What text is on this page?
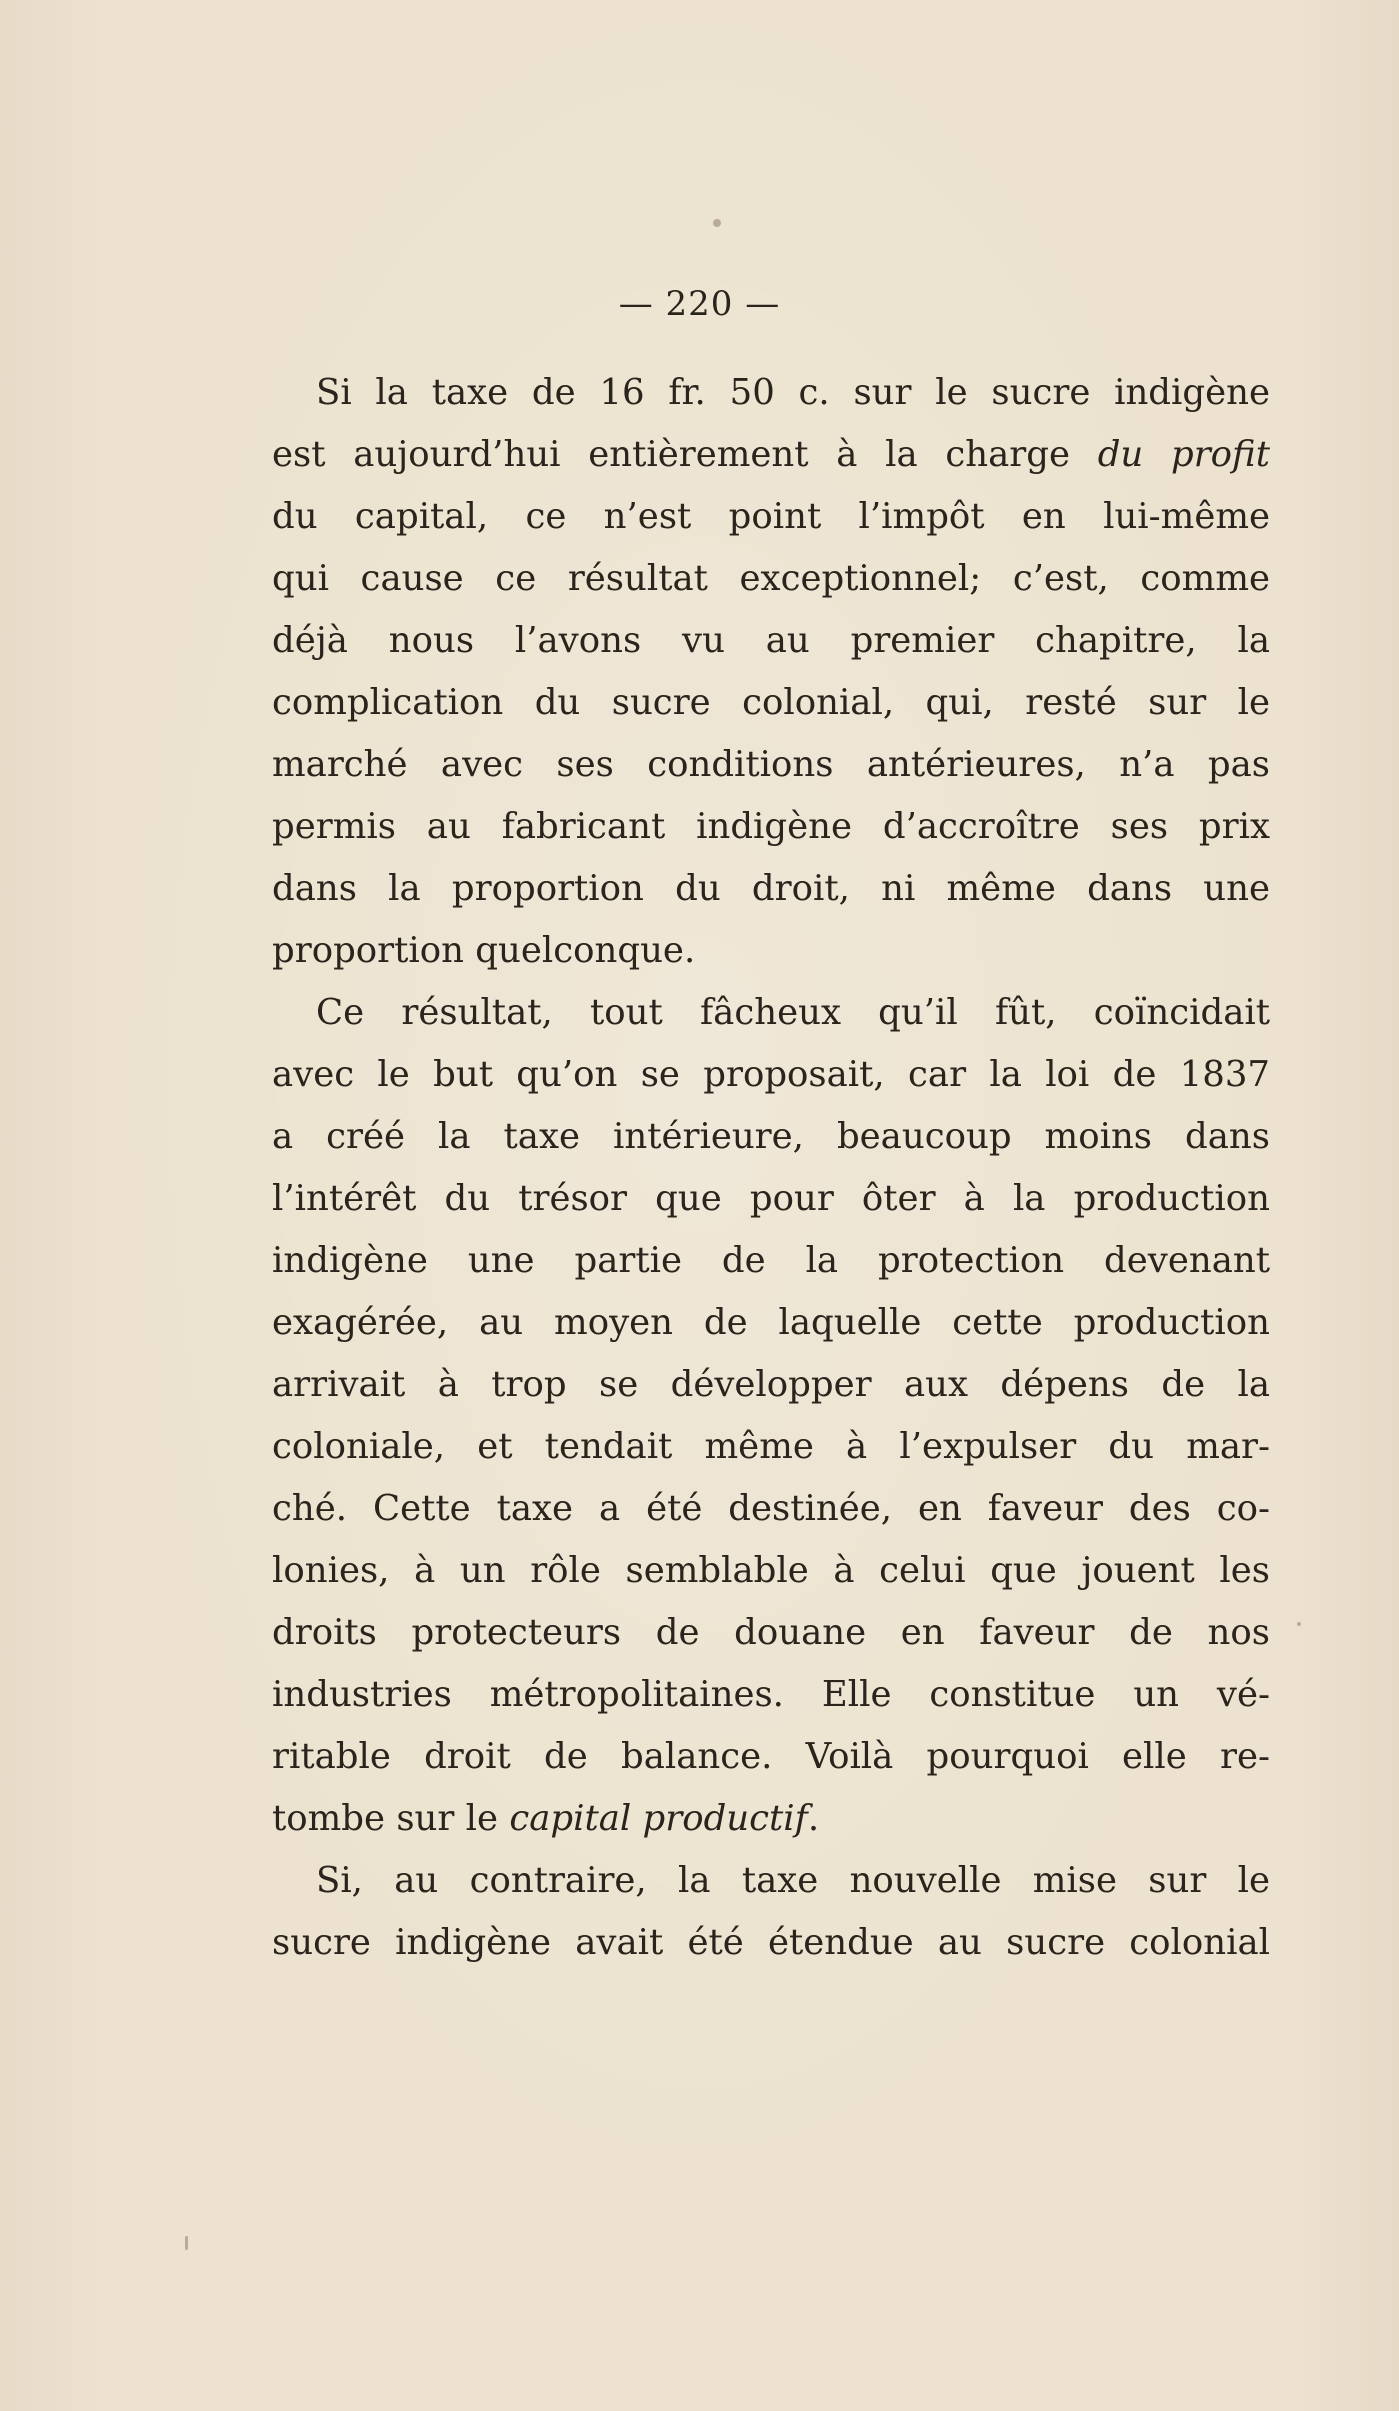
— 220 —
Si la taxe de 16 fr. 50 c. sur le sucre indigène
est aujourd’hui entièrement à la charge du profit
du capital, ce n’est point l’impôt en lui-même
qui cause ce résultat exceptionnel; c’est, comme
déjà nous l’avons vu au premier chapitre, la
complication du sucre colonial, qui, resté sur le
marché avec ses conditions antérieures, n’a pas
permis au fabricant indigène d’accroître ses prix
dans la proportion du droit, ni même dans une
proportion quelconque.
Ce résultat, tout fâcheux qu’il fût, coïncidait
avec le but qu’on se proposait, car la loi de 1837
a créé la taxe intérieure, beaucoup moins dans
l’intérêt du trésor que pour ôter à la production
indigène une partie de la protection devenant
exagérée, au moyen de laquelle cette production
arrivait à trop se développer aux dépens de la
coloniale, et tendait même à l’expulser du mar-
ché. Cette taxe a été destinée, en faveur des co-
lonies, à un rôle semblable à celui que jouent les
droits protecteurs de douane en faveur de nos
industries métropolitaines. Elle constitue un vé-
ritable droit de balance. Voilà pourquoi elle re-
tombe sur le capital productif.
Si, au contraire, la taxe nouvelle mise sur le
sucre indigène avait été étendue au sucre colonial
